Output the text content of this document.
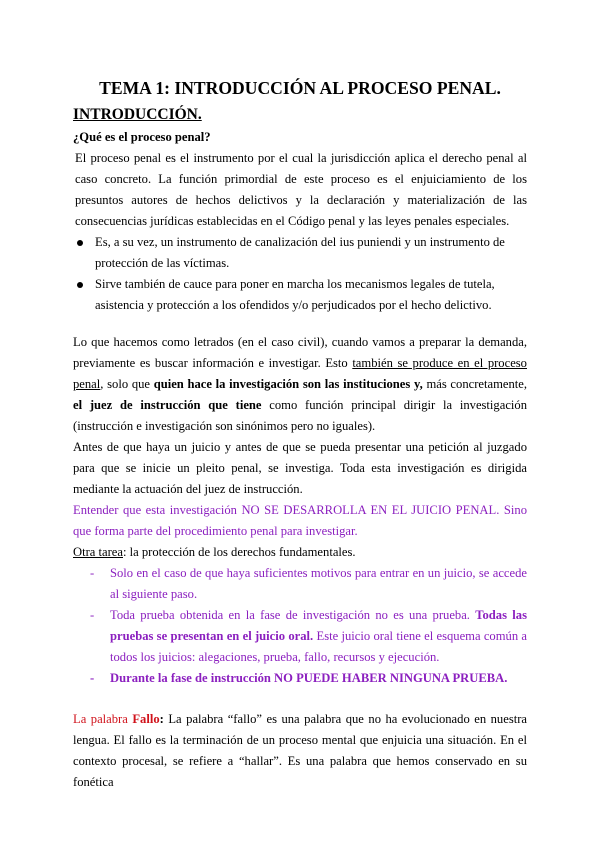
TEMA 1: INTRODUCCIÓN AL PROCESO PENAL.
INTRODUCCIÓN.
¿Qué es el proceso penal?
El proceso penal es el instrumento por el cual la jurisdicción aplica el derecho penal al caso concreto. La función primordial de este proceso es el enjuiciamiento de los presuntos autores de hechos delictivos y la declaración y materialización de las consecuencias jurídicas establecidas en el Código penal y las leyes penales especiales.
Es, a su vez, un instrumento de canalización del ius puniendi y un instrumento de protección de las víctimas.
Sirve también de cauce para poner en marcha los mecanismos legales de tutela, asistencia y protección a los ofendidos y/o perjudicados por el hecho delictivo.
Lo que hacemos como letrados (en el caso civil), cuando vamos a preparar la demanda, previamente es buscar información e investigar. Esto también se produce en el proceso penal, solo que quien hace la investigación son las instituciones y, más concretamente, el juez de instrucción que tiene como función principal dirigir la investigación (instrucción e investigación son sinónimos pero no iguales).
Antes de que haya un juicio y antes de que se pueda presentar una petición al juzgado para que se inicie un pleito penal, se investiga. Toda esta investigación es dirigida mediante la actuación del juez de instrucción.
Entender que esta investigación NO SE DESARROLLA EN EL JUICIO PENAL. Sino que forma parte del procedimiento penal para investigar.
Otra tarea: la protección de los derechos fundamentales.
- Solo en el caso de que haya suficientes motivos para entrar en un juicio, se accede al siguiente paso.
- Toda prueba obtenida en la fase de investigación no es una prueba. Todas las pruebas se presentan en el juicio oral. Este juicio oral tiene el esquema común a todos los juicios: alegaciones, prueba, fallo, recursos y ejecución.
- Durante la fase de instrucción NO PUEDE HABER NINGUNA PRUEBA.
La palabra Fallo: La palabra “fallo” es una palabra que no ha evolucionado en nuestra lengua. El fallo es la terminación de un proceso mental que enjuicia una situación. En el contexto procesal, se refiere a “hallar”. Es una palabra que hemos conservado en su fonética
